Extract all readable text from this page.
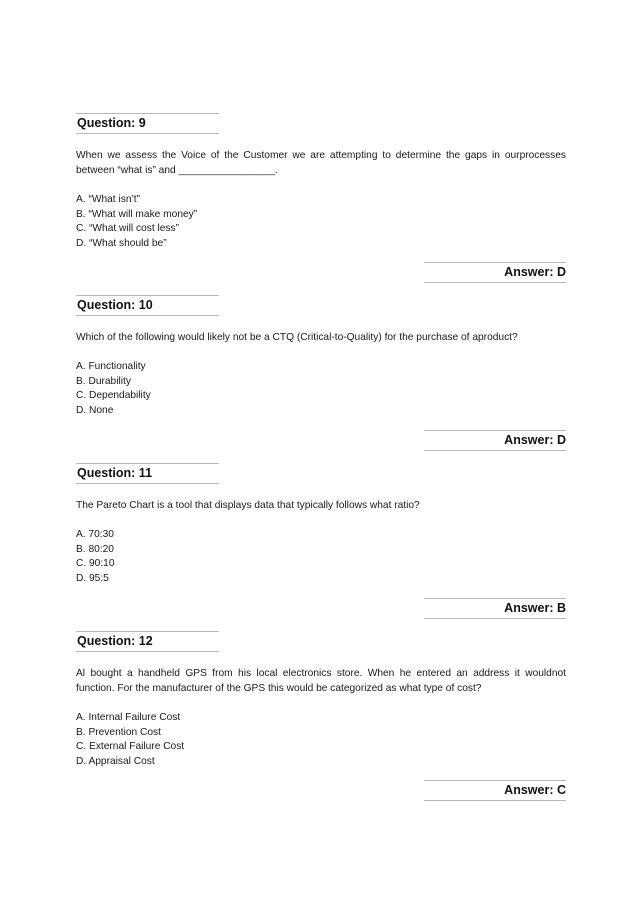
Question: 9
When we assess the Voice of the Customer we are attempting to determine the gaps in ourprocesses between “what is” and _________________.
A. “What isn’t”
B. “What will make money”
C. “What will cost less”
D. “What should be”
Answer: D
Question: 10
Which of the following would likely not be a CTQ (Critical-to-Quality) for the purchase of aproduct?
A. Functionality
B. Durability
C. Dependability
D. None
Answer: D
Question: 11
The Pareto Chart is a tool that displays data that typically follows what ratio?
A. 70:30
B. 80:20
C. 90:10
D. 95:5
Answer: B
Question: 12
Al bought a handheld GPS from his local electronics store. When he entered an address it wouldnot function. For the manufacturer of the GPS this would be categorized as what type of cost?
A. Internal Failure Cost
B. Prevention Cost
C. External Failure Cost
D. Appraisal Cost
Answer: C
